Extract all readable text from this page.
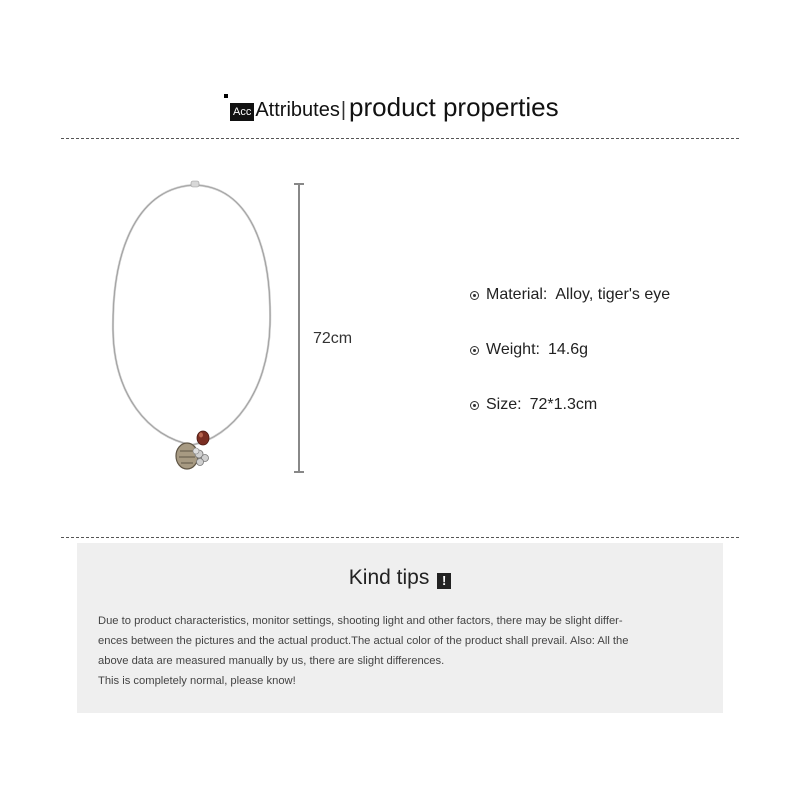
Acc Attributes | product properties
72cm
Material: Alloy, tiger's eye
Weight: 14.6g
Size: 72*1.3cm
Kind tips !

Due to product characteristics, monitor settings, shooting light and other factors, there may be slight differ-

ences between the pictures and the actual product.The actual color of the product shall prevail. Also: All the

above data are measured manually by us, there are slight differences.

This is completely normal, please know!
